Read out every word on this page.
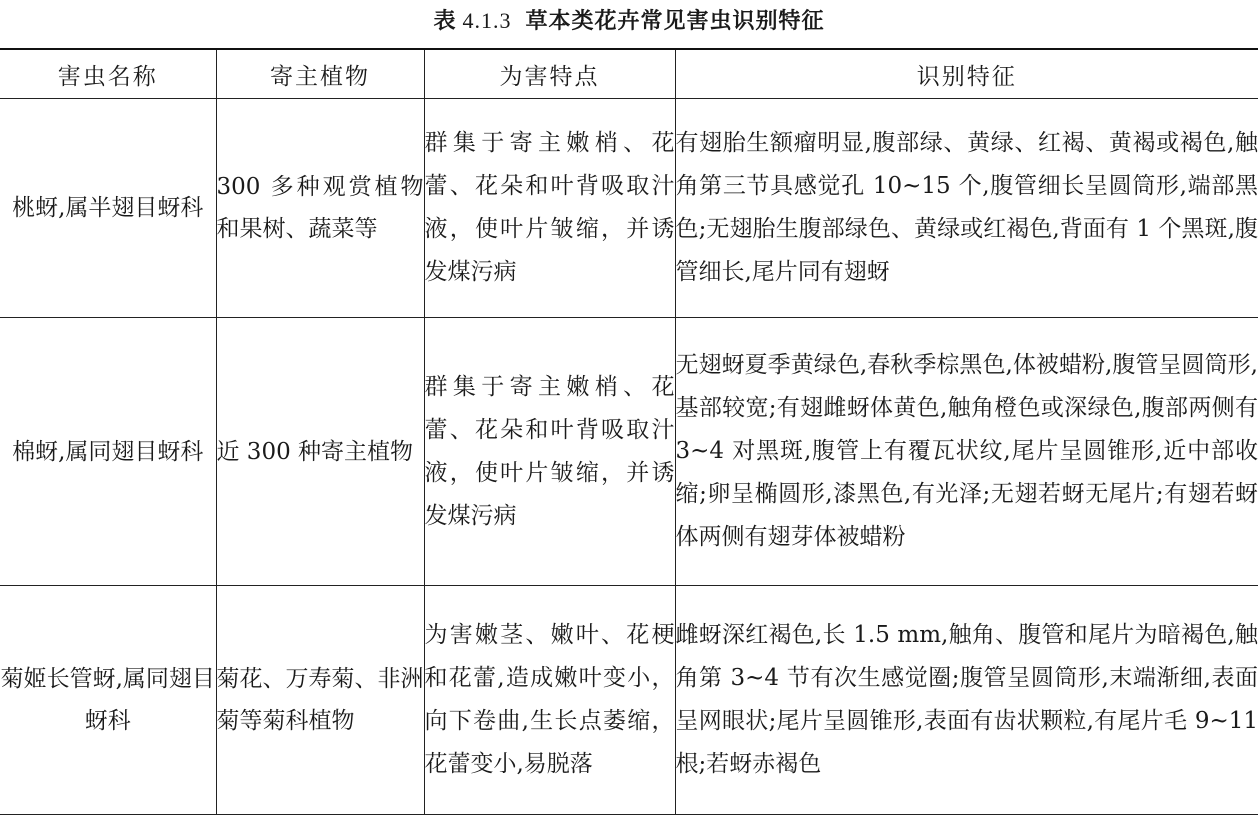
表 4.1.3 草本类花卉常见害虫识别特征
害虫名称	寄主植物	为害特点	识别特征
桃蚜,属半翅目蚜科	300 多种观赏植物和果树、蔬菜等	群集于寄主嫩梢、花蕾、花朵和叶背吸取汁液，使叶片皱缩，并诱发煤污病	有翅胎生额瘤明显,腹部绿、黄绿、红褐、黄褐或褐色,触角第三节具感觉孔 10~15 个,腹管细长呈圆筒形,端部黑色;无翅胎生腹部绿色、黄绿或红褐色,背面有 1 个黑斑,腹管细长,尾片同有翅蚜
棉蚜,属同翅目蚜科	近 300 种寄主植物	群集于寄主嫩梢、花蕾、花朵和叶背吸取汁液，使叶片皱缩，并诱发煤污病	无翅蚜夏季黄绿色,春秋季棕黑色,体被蜡粉,腹管呈圆筒形,基部较宽;有翅雌蚜体黄色,触角橙色或深绿色,腹部两侧有 3~4 对黑斑,腹管上有覆瓦状纹,尾片呈圆锥形,近中部收缩;卵呈椭圆形,漆黑色,有光泽;无翅若蚜无尾片;有翅若蚜体两侧有翅芽体被蜡粉
菊姬长管蚜,属同翅目蚜科	菊花、万寿菊、非洲菊等菊科植物	为害嫩茎、嫩叶、花梗和花蕾,造成嫩叶变小，向下卷曲,生长点萎缩，花蕾变小,易脱落	雌蚜深红褐色,长 1.5 mm,触角、腹管和尾片为暗褐色,触角第 3~4 节有次生感觉圈;腹管呈圆筒形,末端渐细,表面呈网眼状;尾片呈圆锥形,表面有齿状颗粒,有尾片毛 9~11 根;若蚜赤褐色
